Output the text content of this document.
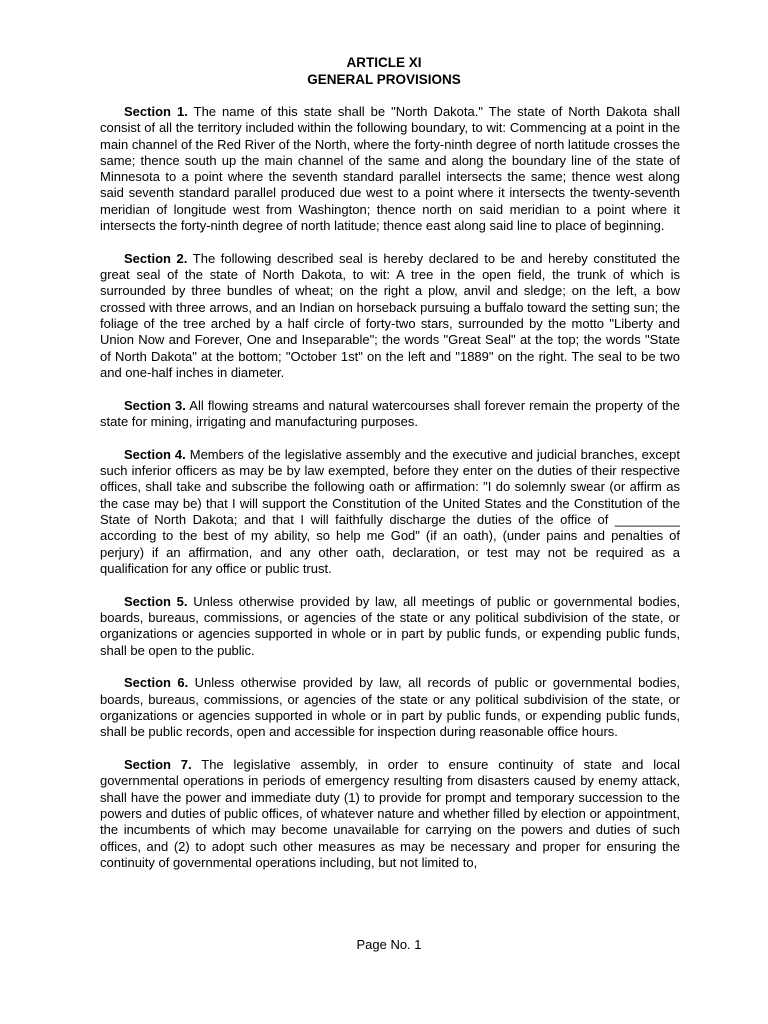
ARTICLE XI
GENERAL PROVISIONS

Section 1. The name of this state shall be "North Dakota." The state of North Dakota shall consist of all the territory included within the following boundary, to wit: Commencing at a point in the main channel of the Red River of the North, where the forty-ninth degree of north latitude crosses the same; thence south up the main channel of the same and along the boundary line of the state of Minnesota to a point where the seventh standard parallel intersects the same; thence west along said seventh standard parallel produced due west to a point where it intersects the twenty-seventh meridian of longitude west from Washington; thence north on said meridian to a point where it intersects the forty-ninth degree of north latitude; thence east along said line to place of beginning.

Section 2. The following described seal is hereby declared to be and hereby constituted the great seal of the state of North Dakota, to wit: A tree in the open field, the trunk of which is surrounded by three bundles of wheat; on the right a plow, anvil and sledge; on the left, a bow crossed with three arrows, and an Indian on horseback pursuing a buffalo toward the setting sun; the foliage of the tree arched by a half circle of forty-two stars, surrounded by the motto "Liberty and Union Now and Forever, One and Inseparable"; the words "Great Seal" at the top; the words "State of North Dakota" at the bottom; "October 1st" on the left and "1889" on the right. The seal to be two and one-half inches in diameter.

Section 3. All flowing streams and natural watercourses shall forever remain the property of the state for mining, irrigating and manufacturing purposes.

Section 4. Members of the legislative assembly and the executive and judicial branches, except such inferior officers as may be by law exempted, before they enter on the duties of their respective offices, shall take and subscribe the following oath or affirmation: "I do solemnly swear (or affirm as the case may be) that I will support the Constitution of the United States and the Constitution of the State of North Dakota; and that I will faithfully discharge the duties of the office of _________ according to the best of my ability, so help me God" (if an oath), (under pains and penalties of perjury) if an affirmation, and any other oath, declaration, or test may not be required as a qualification for any office or public trust.

Section 5. Unless otherwise provided by law, all meetings of public or governmental bodies, boards, bureaus, commissions, or agencies of the state or any political subdivision of the state, or organizations or agencies supported in whole or in part by public funds, or expending public funds, shall be open to the public.

Section 6. Unless otherwise provided by law, all records of public or governmental bodies, boards, bureaus, commissions, or agencies of the state or any political subdivision of the state, or organizations or agencies supported in whole or in part by public funds, or expending public funds, shall be public records, open and accessible for inspection during reasonable office hours.

Section 7. The legislative assembly, in order to ensure continuity of state and local governmental operations in periods of emergency resulting from disasters caused by enemy attack, shall have the power and immediate duty (1) to provide for prompt and temporary succession to the powers and duties of public offices, of whatever nature and whether filled by election or appointment, the incumbents of which may become unavailable for carrying on the powers and duties of such offices, and (2) to adopt such other measures as may be necessary and proper for ensuring the continuity of governmental operations including, but not limited to,

Page No. 1
